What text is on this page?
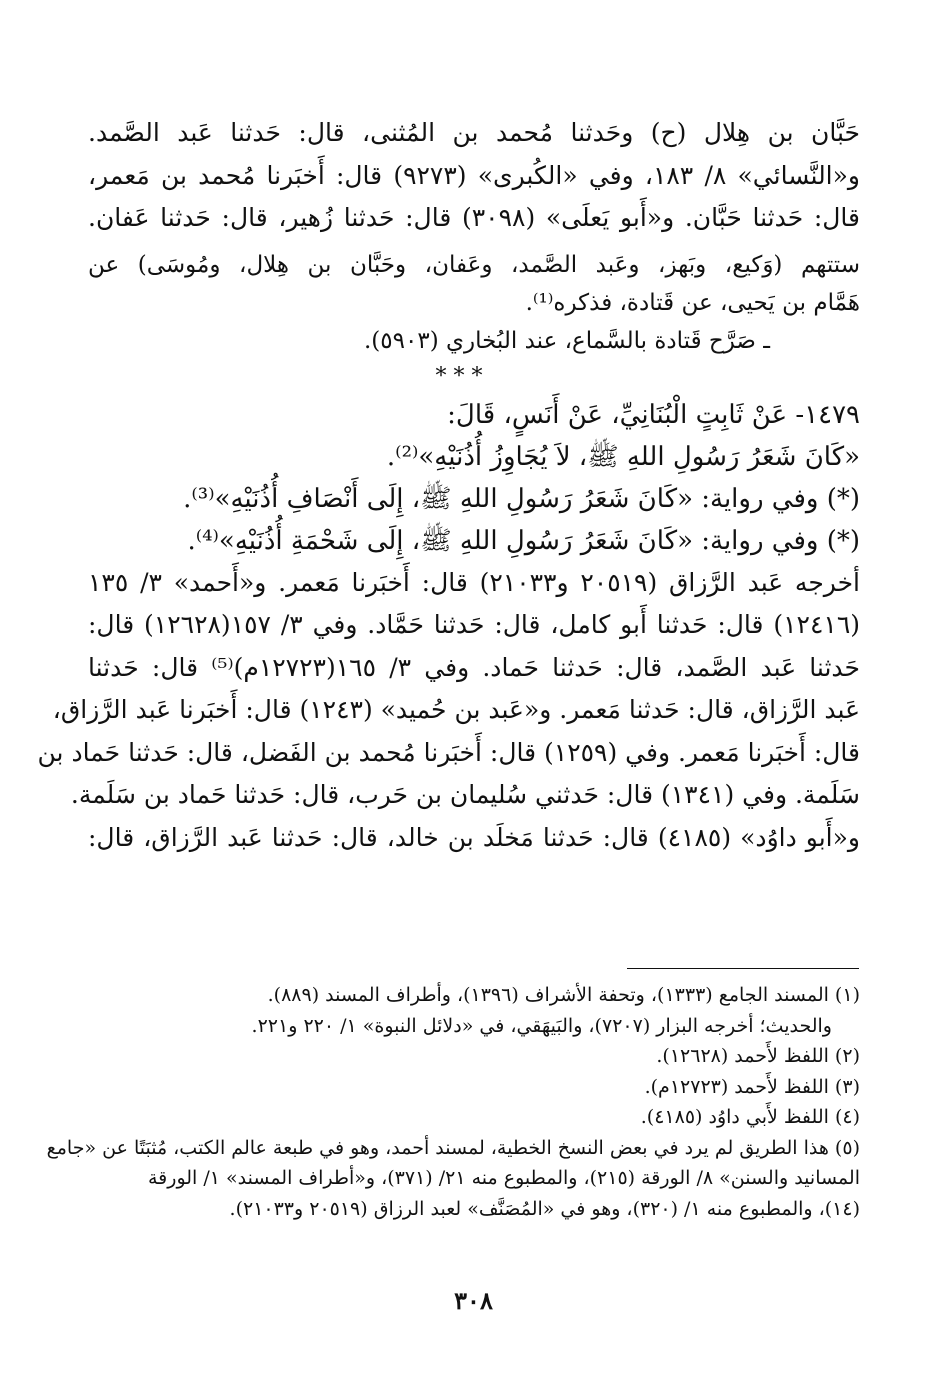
حَبَّان بن هِلال (ح) وحَدثنا مُحمد بن المُثنى، قال: حَدثنا عَبد الصَّمد.
و«النَّسائي» ٨/ ١٨٣، وفي «الكُبرى» (٩٢٧٣) قال: أَخبَرنا مُحمد بن مَعمر،
قال: حَدثنا حَبَّان. و«أَبو يَعلَى» (٣٠٩٨) قال: حَدثنا زُهير، قال: حَدثنا عَفان.
ستتهم (وَكيع، وبَهز، وعَبد الصَّمد، وعَفان، وحَبَّان بن هِلال، ومُوسَى) عن
هَمَّام بن يَحيى، عن قَتادة، فذكره⁽¹⁾.
ـ صَرَّح قَتادة بالسَّماع، عند البُخاري (٥٩٠٣).
* * *
١٤٧٩- عَنْ ثَابِتٍ الْبُنَانِيِّ، عَنْ أَنَسٍ، قَالَ:
«كَانَ شَعَرُ رَسُولِ اللهِ ﷺ، لاَ يُجَاوِزُ أُذُنَيْهِ»⁽²⁾.
(*) وفي رواية: «كَانَ شَعَرُ رَسُولِ اللهِ ﷺ، إِلَى أَنْصَافِ أُذُنَيْهِ»⁽³⁾.
(*) وفي رواية: «كَانَ شَعَرُ رَسُولِ اللهِ ﷺ، إِلَى شَحْمَةِ أُذُنَيْهِ»⁽⁴⁾.
أخرجه عَبد الرَّزاق (٢٠٥١٩ و٢١٠٣٣) قال: أَخبَرنا مَعمر. و«أَحمد» ٣/ ١٣٥
(١٢٤١٦) قال: حَدثنا أَبو كامل، قال: حَدثنا حَمَّاد. وفي ٣/ ١٥٧(١٢٦٢٨) قال:
حَدثنا عَبد الصَّمد، قال: حَدثنا حَماد. وفي ٣/ ١٦٥(١٢٧٢٣م)⁽⁵⁾ قال: حَدثنا
عَبد الرَّزاق، قال: حَدثنا مَعمر. و«عَبد بن حُميد» (١٢٤٣) قال: أَخبَرنا عَبد الرَّزاق،
قال: أَخبَرنا مَعمر. وفي (١٢٥٩) قال: أَخبَرنا مُحمد بن الفَضل، قال: حَدثنا حَماد بن
سَلَمة. وفي (١٣٤١) قال: حَدثني سُليمان بن حَرب، قال: حَدثنا حَماد بن سَلَمة.
و«أَبو داوُد» (٤١٨٥) قال: حَدثنا مَخلَد بن خالد، قال: حَدثنا عَبد الرَّزاق، قال:
(١) المسند الجامع (١٣٣٣)، وتحفة الأشراف (١٣٩٦)، وأطراف المسند (٨٨٩).
والحديث؛ أخرجه البزار (٧٢٠٧)، والبَيهَقي، في «دلائل النبوة» ١/ ٢٢٠ و٢٢١.
(٢) اللفظ لأَحمد (١٢٦٢٨).
(٣) اللفظ لأَحمد (١٢٧٢٣م).
(٤) اللفظ لأَبي داوُد (٤١٨٥).
(٥) هذا الطريق لم يرد في بعض النسخ الخطية، لمسند أحمد، وهو في طبعة عالم الكتب، مُثبَتًا عن «جامع
المسانيد والسنن» ٨/ الورقة (٢١٥)، والمطبوع منه ٢١/ (٣٧١)، و«أطراف المسند» ١/ الورقة
(١٤)، والمطبوع منه ١/ (٣٢٠)، وهو في «المُصَنَّف» لعبد الرزاق (٢٠٥١٩ و٢١٠٣٣).
٣٠٨
